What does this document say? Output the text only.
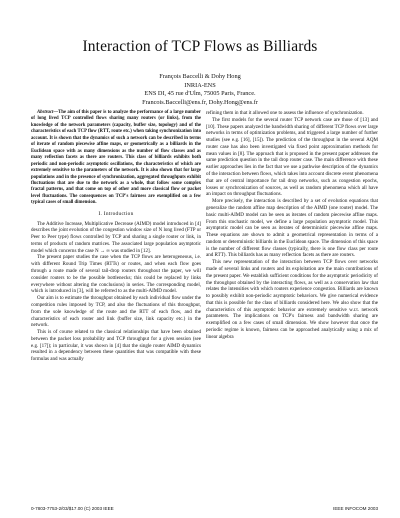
Interaction of TCP Flows as Billiards
François Baccelli & Dohy Hong
INRIA-ENS
ENS DI, 45 rue d'Ulm, 75005 Paris, France.
Francois.Baccelli@ens.fr, Dohy.Hong@ens.fr

Abstract—The aim of this paper is to analyze the performance of a large number of long lived TCP controlled flows sharing many routers (or links), from the knowledge of the network parameters (capacity, buffer size, topology) and of the characteristics of each TCP flow (RTT, route etc.) when taking synchronization into account. It is shown that the dynamics of such a network can be described in terms of iterate of random piecewise affine maps, or geometrically as a billiards in the Euclidean space with as many dimensions as the number of flow classes and as many reflection facets as there are routers. This class of billiards exhibits both periodic and non-periodic asymptotic oscillations, the characteristics of which are extremely sensitive to the parameters of the network. It is also shown that for large populations and in the presence of synchronization, aggregated throughputs exhibit fluctuations that are due to the network as a whole, that follow some complex fractal patterns, and that come on top of other and more classical flow or packet level fluctuations. The consequences on TCP's fairness are exemplified on a few typical cases of small dimension.

I. Introduction

The Additive Increase, Multiplicative Decrease (AIMD) model introduced in [4] describes the joint evolution of the congestion window size of N long lived (FTP or Peer to Peer type) flows controlled by TCP and sharing a single router or link, in terms of products of random matrices. The associated large population asymptotic model which concerns the case N → ∞ was studied in [12].

The present paper studies the case when the TCP flows are heterogeneous, i.e. with different Round Trip Times (RTTs) or routes, and when each flow goes through a route made of several tail-drop routers throughout the paper, we will consider routers to be the possible bottlenecks; this could be replaced by links everywhere without altering the conclusions) in series. The corresponding model, which is introduced in [3], will be referred to as the multi-AIMD model.

Our aim is to estimate the throughput obtained by each individual flow under the competition rules imposed by TCP, and also the fluctuations of this throughput, from the sole knowledge of the route and the RTT of each flow, and the characteristics of each router and link (buffer size, link capacity etc.) in the network.

This is of course related to the classical relationships that have been obtained between the packet loss probability and TCP throughput for a given session (see e.g. [17]); in particular, it was shown in [4] that the single router AIMD dynamics resulted in a dependency between these quantities that was compatible with these formulas and was actually

refining them in that it allowed one to assess the influence of synchronization.

The first models for the several router TCP network case are those of [13] and [10]. These papers analyzed the bandwidth sharing of different TCP flows over large networks in terms of optimization problems, and triggered a large number of further studies (see e.g. [16], [15]). The prediction of the throughput in the several AQM router case has also been investigated via fixed point approximation methods for mean values in [8]. The approach that is proposed in the present paper addresses the same prediction question in the tail drop router case. The main difference with these earlier approaches lies in the fact that we use a pathwise description of the dynamics of the interaction between flows, which takes into account discrete event phenomena that are of central importance for tail drop networks, such as congestion epochs, losses or synchronization of sources, as well as random phenomena which all have an impact on throughput fluctuations.

More precisely, the interaction is described by a set of evolution equations that generalize the random affine map description of the AIMD (one router) model. The basic multi-AIMD model can be seen as iterates of random piecewise affine maps. From this stochastic model, we define a large population asymptotic model. This asymptotic model can be seen as iterates of deterministic piecewise affine maps. These equations are shown to admit a geometrical representation in terms of a random or deterministic billiards in the Euclidean space. The dimension of this space is the number of different flow classes (typically, there is one flow class per route and RTT). This billiards has as many reflection facets as there are routers.

This new representation of the interaction between TCP flows over networks made of several links and routers and its exploitation are the main contributions of the present paper. We establish sufficient conditions for the asymptotic periodicity of the throughput obtained by the interacting flows, as well as a conservation law that relates the intensities with which routers experience congestion. Billiards are known to possibly exhibit non-periodic asymptotic behaviors. We give numerical evidence that this is possible for the class of billiards considered here. We also show that the characteristics of this asymptotic behavior are extremely sensitive w.r.t. network parameters. The implications on TCP's fairness and bandwidth sharing are exemplified on a few cases of small dimension. We show however that once the periodic regime is known, fairness can be approached analytically using a mix of linear algebra

0-7803-7753-2/03/$17.00 (C) 2003 IEEE	IEEE INFOCOM 2003
